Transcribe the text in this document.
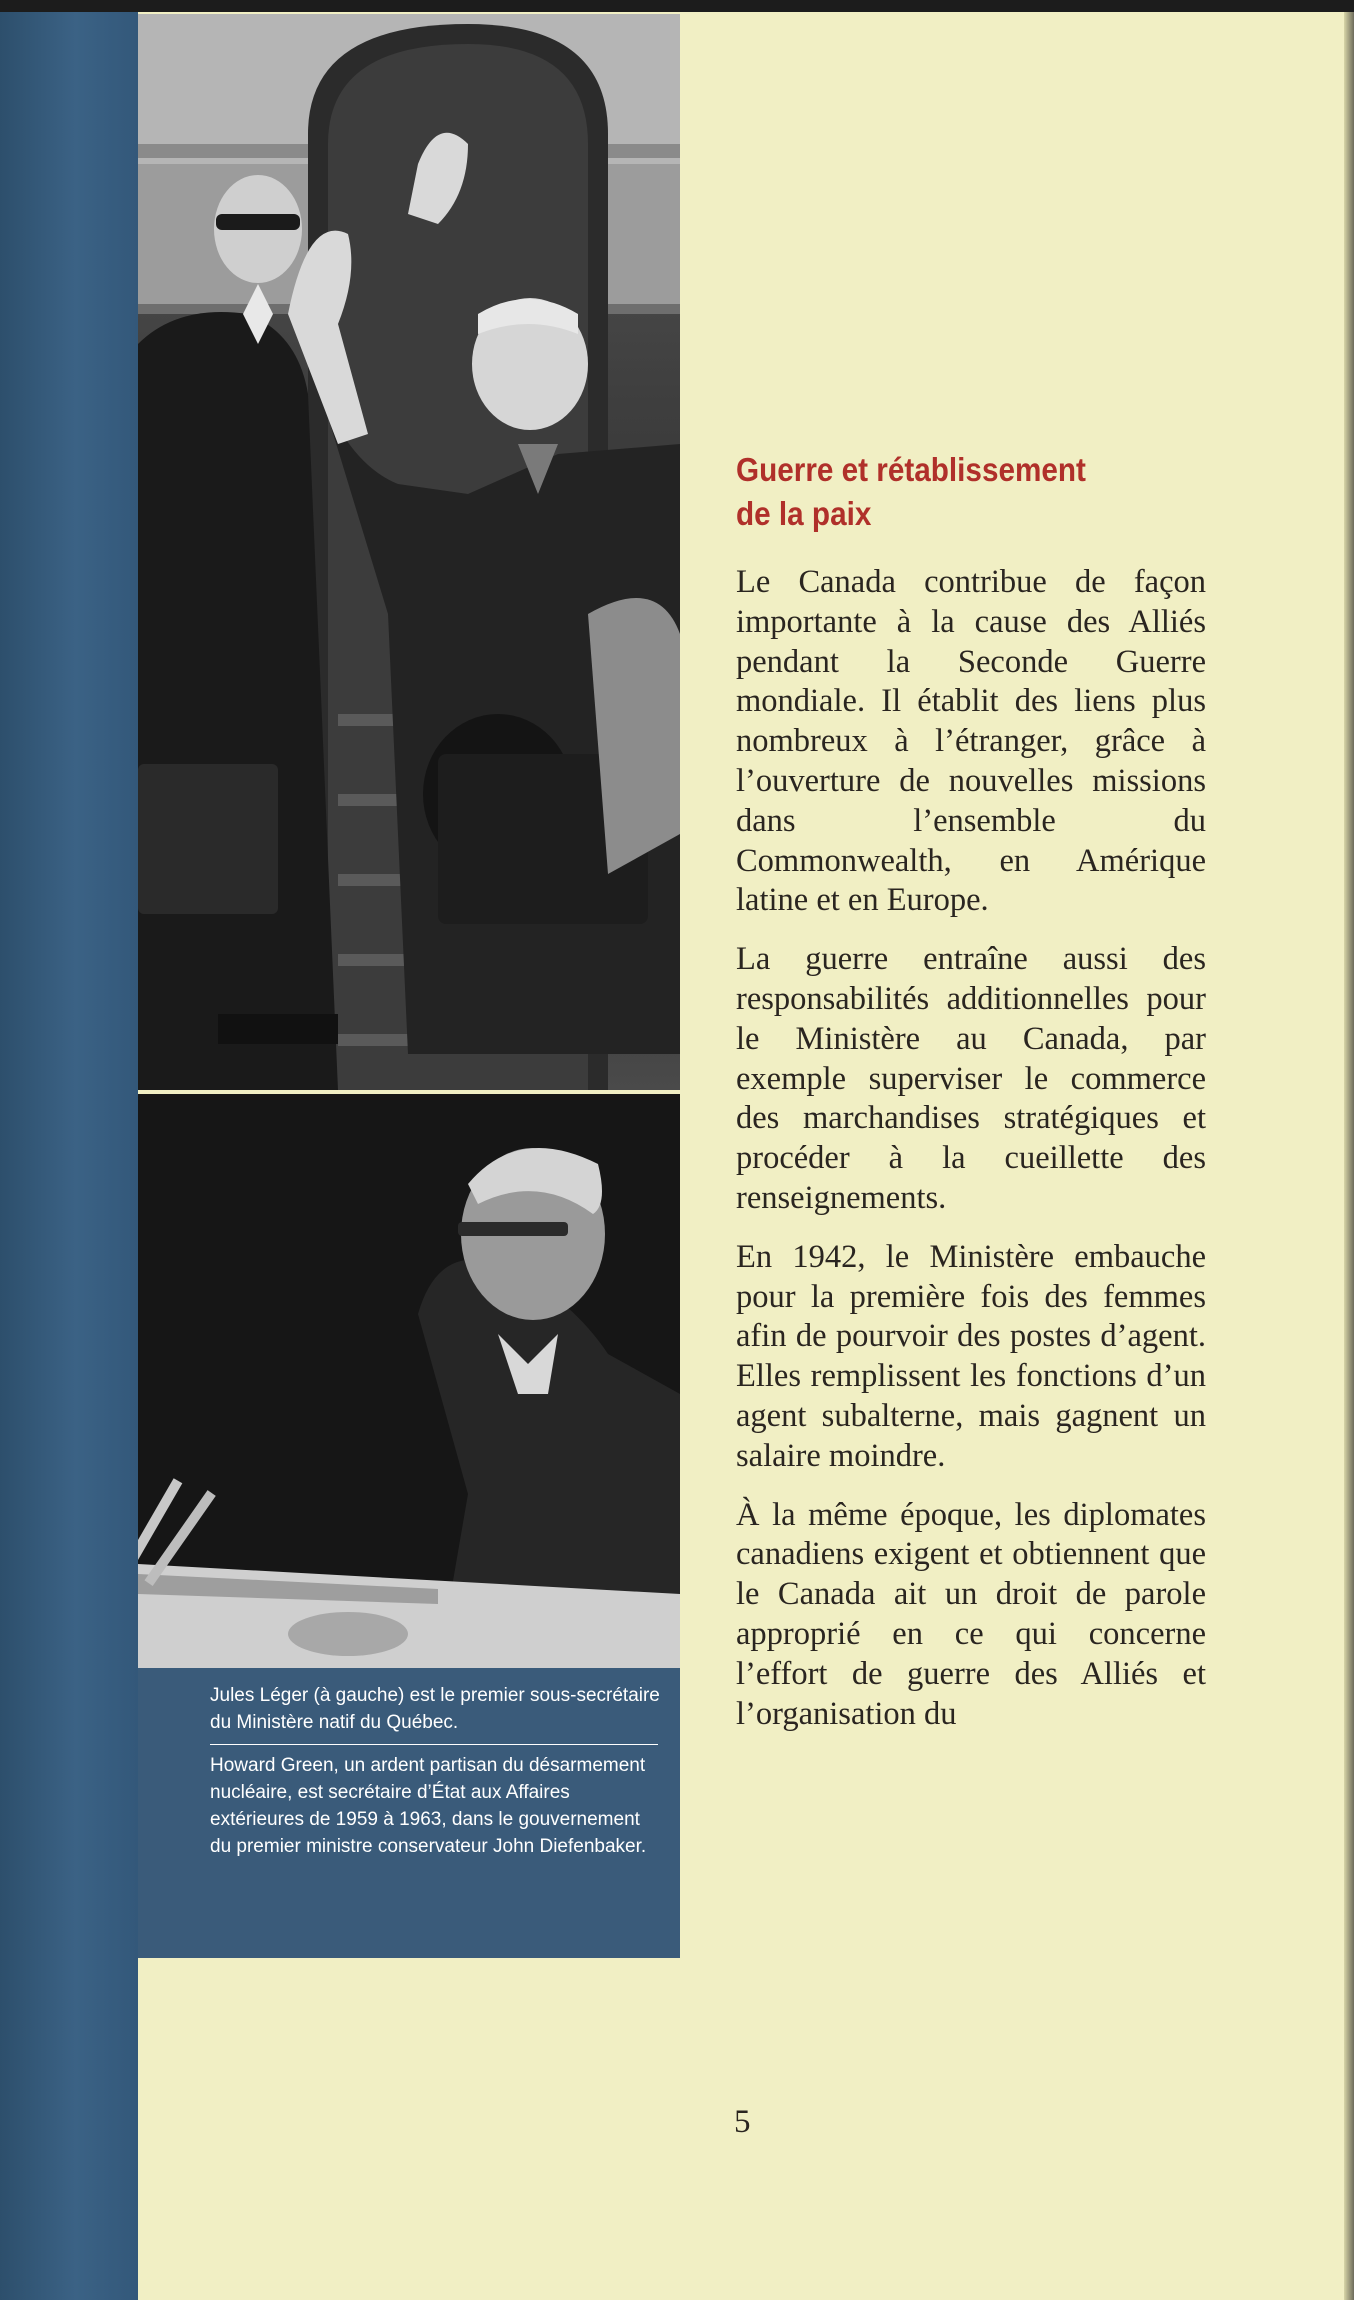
Jules Léger (à gauche) est le premier sous-secrétaire du Ministère natif du Québec.
Howard Green, un ardent partisan du désarmement nucléaire, est secrétaire d’État aux Affaires extérieures de 1959 à 1963, dans le gouvernement du premier ministre conservateur John Diefenbaker.
Guerre et rétablissement
de la paix

Le Canada contribue de façon importante à la cause des Alliés pendant la Seconde Guerre mondiale. Il établit des liens plus nombreux à l’étranger, grâce à l’ouverture de nouvelles missions dans l’ensemble du Commonwealth, en Amérique latine et en Europe.

La guerre entraîne aussi des responsabilités additionnelles pour le Ministère au Canada, par exemple superviser le commerce des marchandises stratégiques et procéder à la cueillette des renseignements.

En 1942, le Ministère embauche pour la première fois des femmes afin de pourvoir des postes d’agent. Elles remplissent les fonctions d’un agent subalterne, mais gagnent un salaire moindre.

À la même époque, les diplomates canadiens exigent et obtiennent que le Canada ait un droit de parole approprié en ce qui concerne l’effort de guerre des Alliés et l’organisation du

5
